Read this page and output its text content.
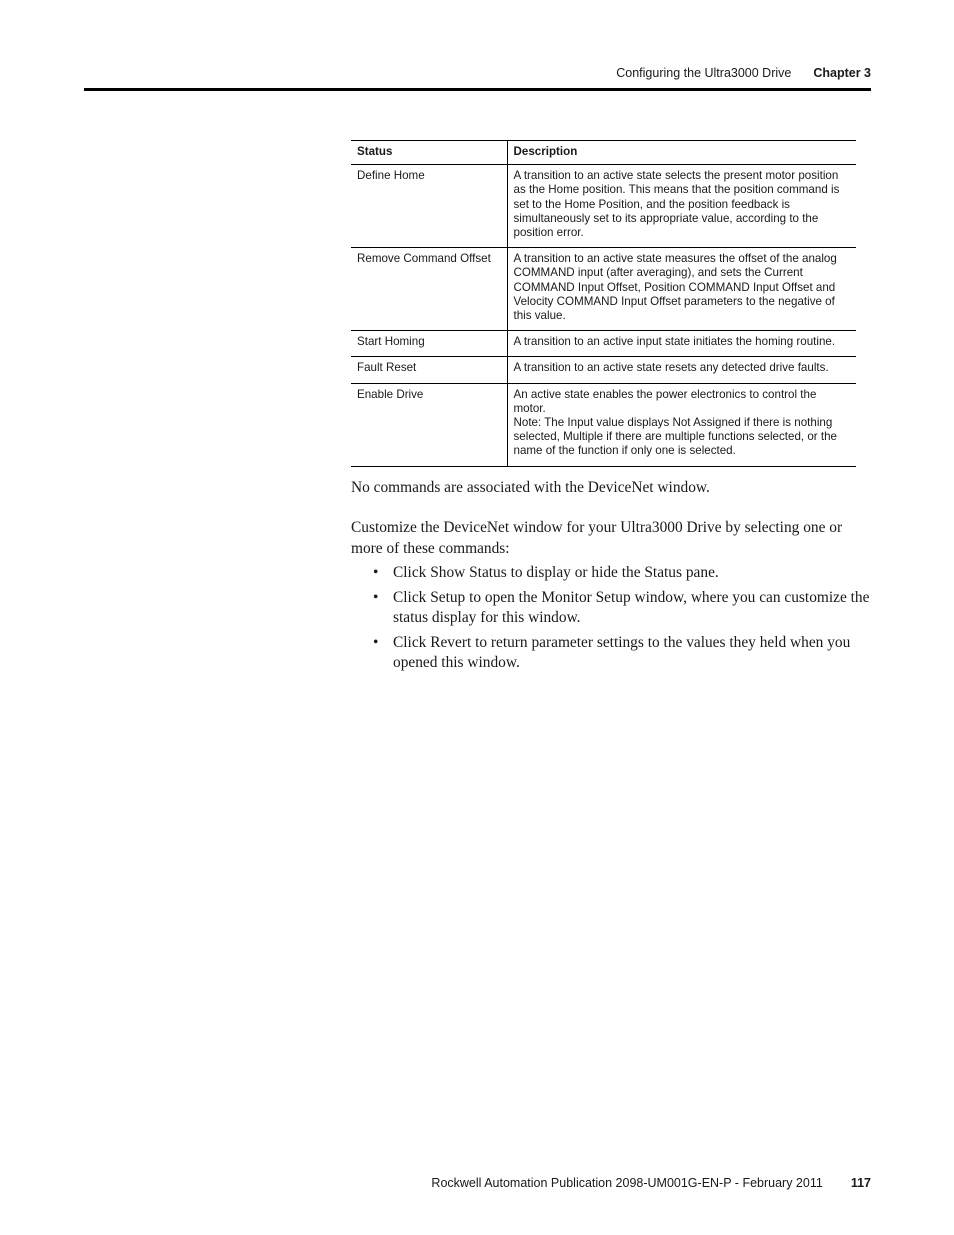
Configuring the Ultra3000 Drive Chapter 3
Status	Description
Define Home	A transition to an active state selects the present motor position as the Home position. This means that the position command is set to the Home Position, and the position feedback is simultaneously set to its appropriate value, according to the position error.

Remove Command Offset	A transition to an active state measures the offset of the analog COMMAND input (after averaging), and sets the Current COMMAND Input Offset, Position COMMAND Input Offset and Velocity COMMAND Input Offset parameters to the negative of this value.

Start Homing	A transition to an active input state initiates the homing routine.

Fault Reset	A transition to an active state resets any detected drive faults.

Enable Drive	An active state enables the power electronics to control the motor.
Note: The Input value displays Not Assigned if there is nothing selected, Multiple if there are multiple functions selected, or the name of the function if only one is selected.
No commands are associated with the DeviceNet window.
Customize the DeviceNet window for your Ultra3000 Drive by selecting one or more of these commands:
• Click Show Status to display or hide the Status pane.
• Click Setup to open the Monitor Setup window, where you can customize the status display for this window.
• Click Revert to return parameter settings to the values they held when you opened this window.
Rockwell Automation Publication 2098-UM001G-EN-P - February 2011 117
